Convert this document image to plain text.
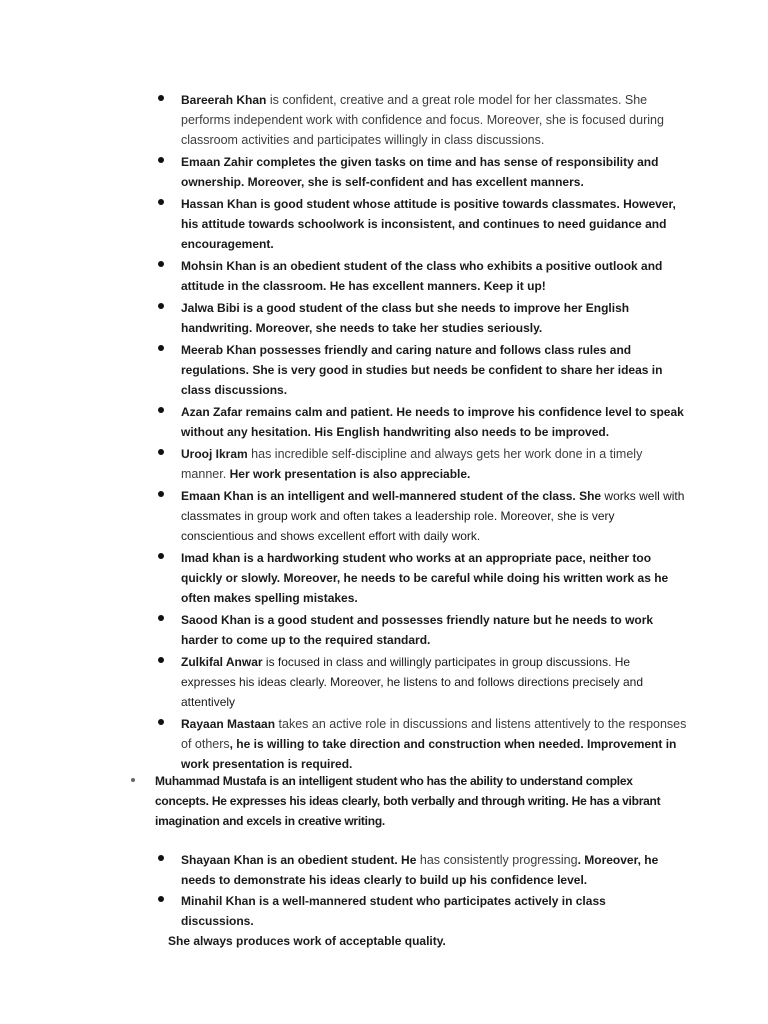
Bareerah Khan is confident, creative and a great role model for her classmates. She performs independent work with confidence and focus. Moreover, she is focused during classroom activities and participates willingly in class discussions.
Emaan Zahir completes the given tasks on time and has sense of responsibility and ownership. Moreover, she is self-confident and has excellent manners.
Hassan Khan is good student whose attitude is positive towards classmates. However, his attitude towards schoolwork is inconsistent, and continues to need guidance and encouragement.
Mohsin Khan is an obedient student of the class who exhibits a positive outlook and attitude in the classroom. He has excellent manners. Keep it up!
Jalwa Bibi is a good student of the class but she needs to improve her English handwriting. Moreover, she needs to take her studies seriously.
Meerab Khan possesses friendly and caring nature and follows class rules and regulations. She is very good in studies but needs be confident to share her ideas in class discussions.
Azan Zafar remains calm and patient. He needs to improve his confidence level to speak without any hesitation. His English handwriting also needs to be improved.
Urooj Ikram has incredible self-discipline and always gets her work done in a timely manner. Her work presentation is also appreciable.
Emaan Khan is an intelligent and well-mannered student of the class. She works well with classmates in group work and often takes a leadership role. Moreover, she is very conscientious and shows excellent effort with daily work.
Imad khan is a hardworking student who works at an appropriate pace, neither too quickly or slowly. Moreover, he needs to be careful while doing his written work as he often makes spelling mistakes.
Saood Khan is a good student and possesses friendly nature but he needs to work harder to come up to the required standard.
Zulkifal Anwar is focused in class and willingly participates in group discussions. He expresses his ideas clearly. Moreover, he listens to and follows directions precisely and attentively
Rayaan Mastaan takes an active role in discussions and listens attentively to the responses of others, he is willing to take direction and construction when needed. Improvement in work presentation is required.
Muhammad Mustafa is an intelligent student who has the ability to understand complex concepts. He expresses his ideas clearly, both verbally and through writing. He has a vibrant imagination and excels in creative writing.
Shayaan Khan is an obedient student. He has consistently progressing. Moreover, he needs to demonstrate his ideas clearly to build up his confidence level.
Minahil Khan is a well-mannered student who participates actively in class discussions.
She always produces work of acceptable quality.
